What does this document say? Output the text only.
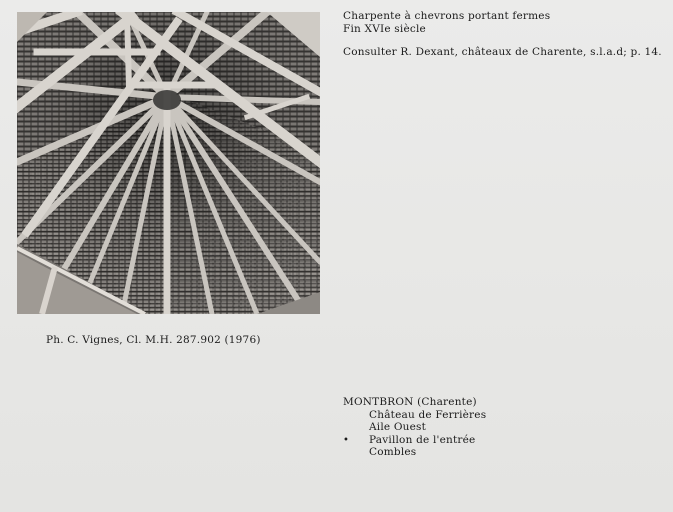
Charpente à chevrons portant fermes
Fin XVIe siècle
Consulter R. Dexant, châteaux de Charente, s.l.a.d; p. 14.
Ph. C. Vignes, Cl. M.H. 287.902 (1976)
MONTBRON (Charente)
Château de Ferrières
Aile Ouest
• Pavillon de l'entrée
Combles
